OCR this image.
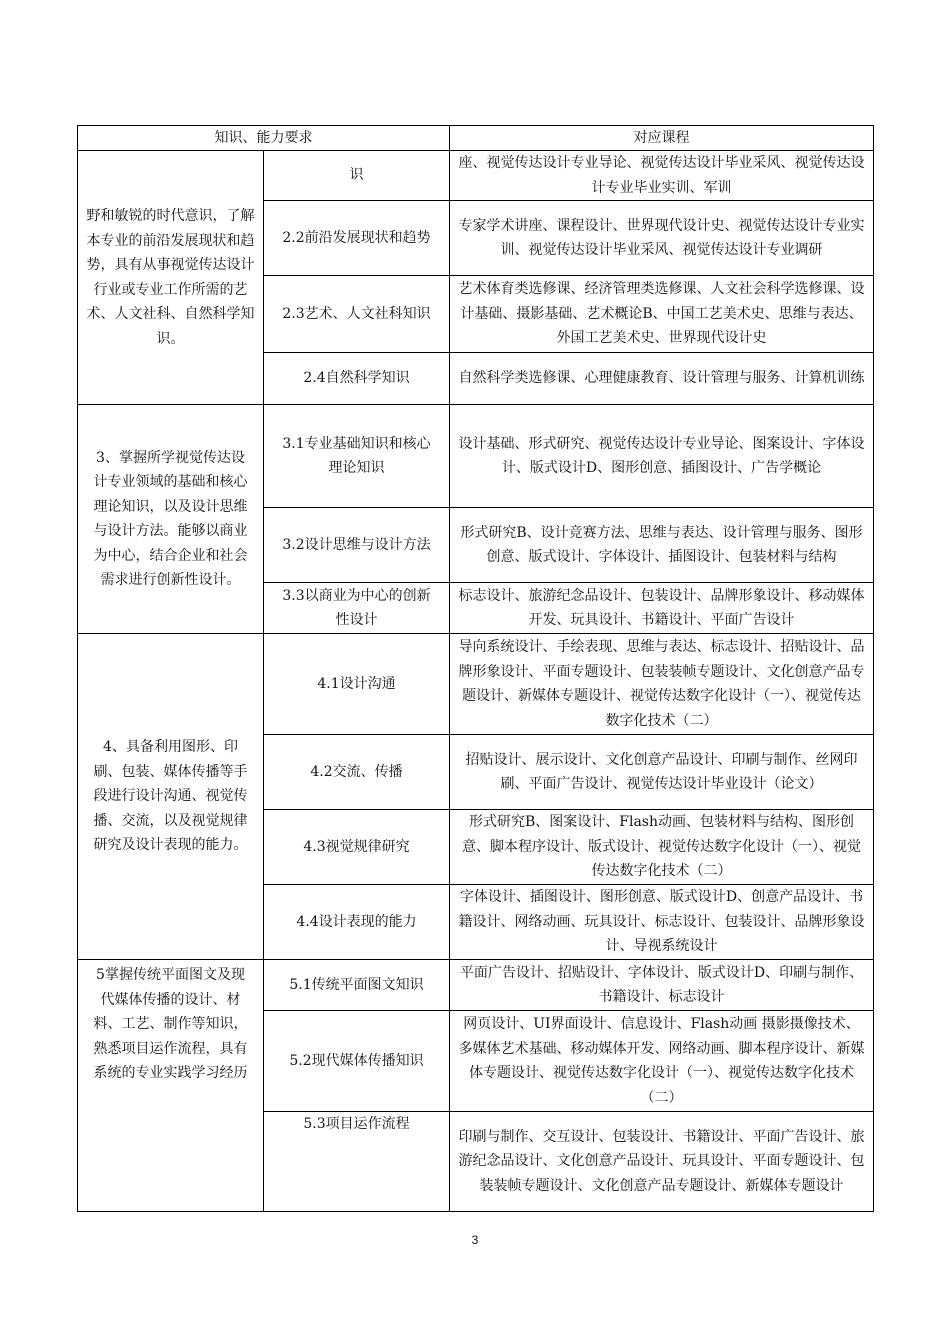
知识、能力要求		对应课程
野和敏锐的时代意识，了解本专业的前沿发展现状和趋势，具有从事视觉传达设计行业或专业工作所需的艺术、人文社科、自然科学知识。	识	座、视觉传达设计专业导论、视觉传达设计毕业采风、视觉传达设计专业毕业实训、军训
	2.2前沿发展现状和趋势	专家学术讲座、课程设计、世界现代设计史、视觉传达设计专业实训、视觉传达设计毕业采风、视觉传达设计专业调研
	2.3艺术、人文社科知识	艺术体育类选修课、经济管理类选修课、人文社会科学选修课、设计基础、摄影基础、艺术概论B、中国工艺美术史、思维与表达、外国工艺美术史、世界现代设计史
	2.4自然科学知识	自然科学类选修课、心理健康教育、设计管理与服务、计算机训练
3、掌握所学视觉传达设计专业领域的基础和核心理论知识，以及设计思维与设计方法。能够以商业为中心，结合企业和社会需求进行创新性设计。	3.1专业基础知识和核心理论知识	设计基础、形式研究、视觉传达设计专业导论、图案设计、字体设计、版式设计D、图形创意、插图设计、广告学概论
	3.2设计思维与设计方法	形式研究B、设计竞赛方法、思维与表达、设计管理与服务、图形创意、版式设计、字体设计、插图设计、包装材料与结构
	3.3以商业为中心的创新性设计	标志设计、旅游纪念品设计、包装设计、品牌形象设计、移动媒体开发、玩具设计、书籍设计、平面广告设计
4、具备利用图形、印刷、包装、媒体传播等手段进行设计沟通、视觉传播、交流，以及视觉规律研究及设计表现的能力。	4.1设计沟通	导向系统设计、手绘表现、思维与表达、标志设计、招贴设计、品牌形象设计、平面专题设计、包装装帧专题设计、文化创意产品专题设计、新媒体专题设计、视觉传达数字化设计（一）、视觉传达数字化技术（二）
	4.2交流、传播	招贴设计、展示设计、文化创意产品设计、印刷与制作、丝网印刷、平面广告设计、视觉传达设计毕业设计（论文）
	4.3视觉规律研究	形式研究B、图案设计、Flash动画、包装材料与结构、图形创意、脚本程序设计、版式设计、视觉传达数字化设计（一）、视觉传达数字化技术（二）
	4.4设计表现的能力	字体设计、插图设计、图形创意、版式设计D、创意产品设计、书籍设计、网络动画、玩具设计、标志设计、包装设计、品牌形象设计、导视系统设计
5掌握传统平面图文及现代媒体传播的设计、材料、工艺、制作等知识，熟悉项目运作流程，具有系统的专业实践学习经历	5.1传统平面图文知识	平面广告设计、招贴设计、字体设计、版式设计D、印刷与制作、书籍设计、标志设计
	5.2现代媒体传播知识	网页设计、UI界面设计、信息设计、Flash动画 摄影摄像技术、多媒体艺术基础、移动媒体开发、网络动画、脚本程序设计、新媒体专题设计、视觉传达数字化设计（一）、视觉传达数字化技术（二）
	5.3项目运作流程	印刷与制作、交互设计、包装设计、书籍设计、平面广告设计、旅游纪念品设计、文化创意产品设计、玩具设计、平面专题设计、包装装帧专题设计、文化创意产品专题设计、新媒体专题设计
3
